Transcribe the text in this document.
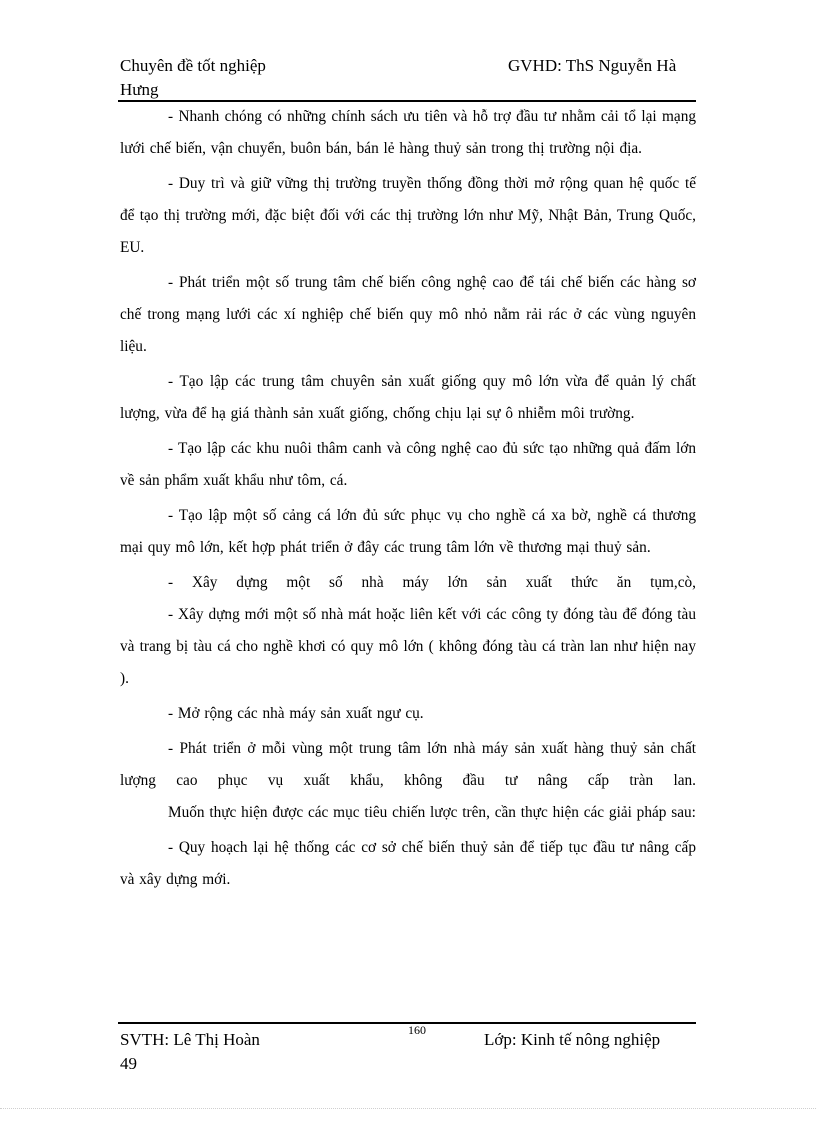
Chuyên đề tốt nghiệp	GVHD: ThS Nguyễn Hà
Hưng

- Nhanh chóng có những chính sách ưu tiên và hỗ trợ đầu tư nhằm cải tổ lại mạng lưới chế biến, vận chuyển, buôn bán, bán lẻ hàng thuỷ sản trong thị trường nội địa.

- Duy trì và giữ vững thị trường truyền thống đồng thời mở rộng quan hệ quốc tế để tạo thị trường mới, đặc biệt đối với các thị trường lớn như Mỹ, Nhật Bản, Trung Quốc, EU.

- Phát triển một số trung tâm chế biến công nghệ cao để tái chế biến các hàng sơ chế trong mạng lưới các xí nghiệp chế biến quy mô nhỏ nằm rải rác ở các vùng nguyên liệu.

- Tạo lập các trung tâm chuyên sản xuất giống quy mô lớn vừa để quản lý chất lượng, vừa để hạ giá thành sản xuất giống, chống chịu lại sự ô nhiễm môi trường.

- Tạo lập các khu nuôi thâm canh và công nghệ cao đủ sức tạo những quả đấm lớn về sản phẩm xuất khẩu như tôm, cá.

- Tạo lập một số cảng cá lớn đủ sức phục vụ cho nghề cá xa bờ, nghề cá thương mại quy mô lớn, kết hợp phát triển ở đây các trung tâm lớn về thương mại thuỷ sản.

- Xây dựng một số nhà máy lớn sản xuất thức ăn tụm,cò,

- Xây dựng mới một số nhà mát hoặc liên kết với các công ty đóng tàu để đóng tàu và trang bị tàu cá cho nghề khơi có quy mô lớn ( không đóng tàu cá tràn lan như hiện nay ).

- Mở rộng các nhà máy sản xuất ngư cụ.

- Phát triển ở mỗi vùng một trung tâm lớn nhà máy sản xuất hàng thuỷ sản chất lượng cao phục vụ xuất khẩu, không đầu tư nâng cấp tràn lan.

Muốn thực hiện được các mục tiêu chiến lược trên, cần thực hiện các giải pháp sau:

- Quy hoạch lại hệ thống các cơ sở chế biến thuỷ sản để tiếp tục đầu tư nâng cấp và xây dựng mới.

SVTH: Lê Thị Hoàn	160	Lớp: Kinh tế nông nghiệp
49
